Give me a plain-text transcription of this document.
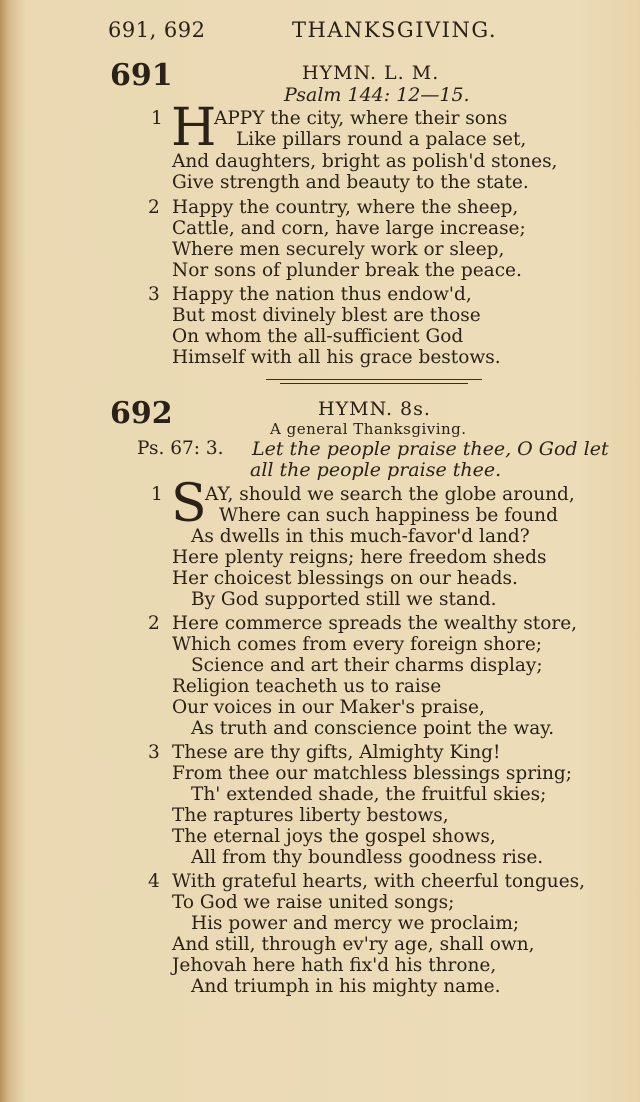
691, 692	THANKSGIVING.
691	HYMN. L. M.
Psalm 144: 12—15.
1 H
APPY the city, where their sons
Like pillars round a palace set,
And daughters, bright as polish'd stones,
Give strength and beauty to the state.
2 Happy the country, where the sheep,
Cattle, and corn, have large increase;
Where men securely work or sleep,
Nor sons of plunder break the peace.
3 Happy the nation thus endow'd,
But most divinely blest are those
On whom the all-sufficient God
Himself with all his grace bestows.
692	HYMN. 8s.
A general Thanksgiving.
Ps. 67: 3. Let the people praise thee, O God let
all the people praise thee.
1 S
AY, should we search the globe around,
Where can such happiness be found
As dwells in this much-favor'd land?
Here plenty reigns; here freedom sheds
Her choicest blessings on our heads.
By God supported still we stand.
2 Here commerce spreads the wealthy store,
Which comes from every foreign shore;
Science and art their charms display;
Religion teacheth us to raise
Our voices in our Maker's praise,
As truth and conscience point the way.
3 These are thy gifts, Almighty King!
From thee our matchless blessings spring;
Th' extended shade, the fruitful skies;
The raptures liberty bestows,
The eternal joys the gospel shows,
All from thy boundless goodness rise.
4 With grateful hearts, with cheerful tongues,
To God we raise united songs;
His power and mercy we proclaim;
And still, through ev'ry age, shall own,
Jehovah here hath fix'd his throne,
And triumph in his mighty name.
